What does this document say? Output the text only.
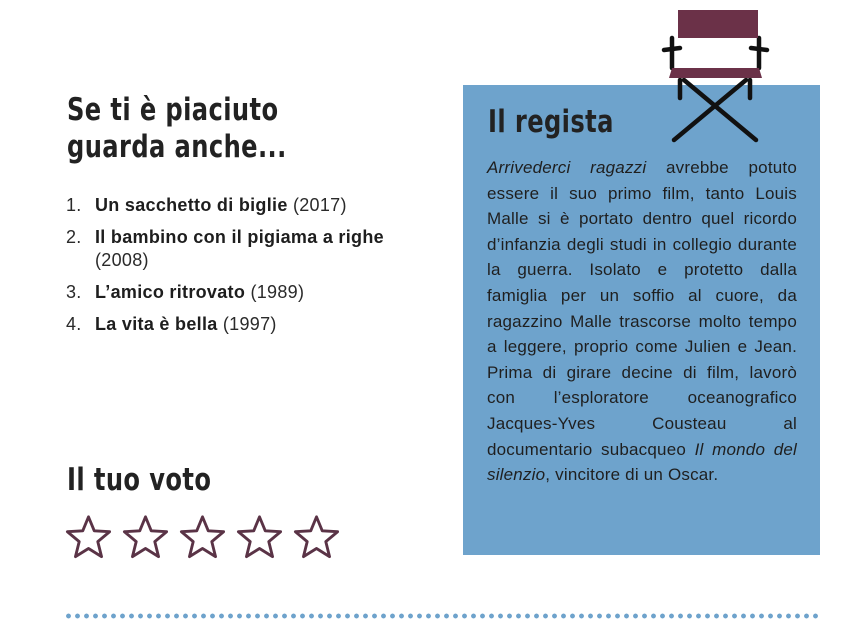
Se ti è piaciuto
guarda anche...
1. Un sacchetto di biglie (2017)
2. Il bambino con il pigiama a righe (2008)
3. L’amico ritrovato (1989)
4. La vita è bella (1997)
Il tuo voto
Il regista

Arrivederci ragazzi avrebbe potuto essere il suo primo film, tanto Louis Malle si è portato dentro quel ricordo d’infanzia degli studi in collegio durante la guerra. Isolato e protetto dalla famiglia per un soffio al cuore, da ragazzino Malle trascorse molto tempo a leggere, proprio come Julien e Jean. Prima di girare decine di film, lavorò con l’esploratore oceanografico Jacques-Yves Cousteau al documentario subacqueo Il mondo del silenzio, vincitore di un Oscar.
